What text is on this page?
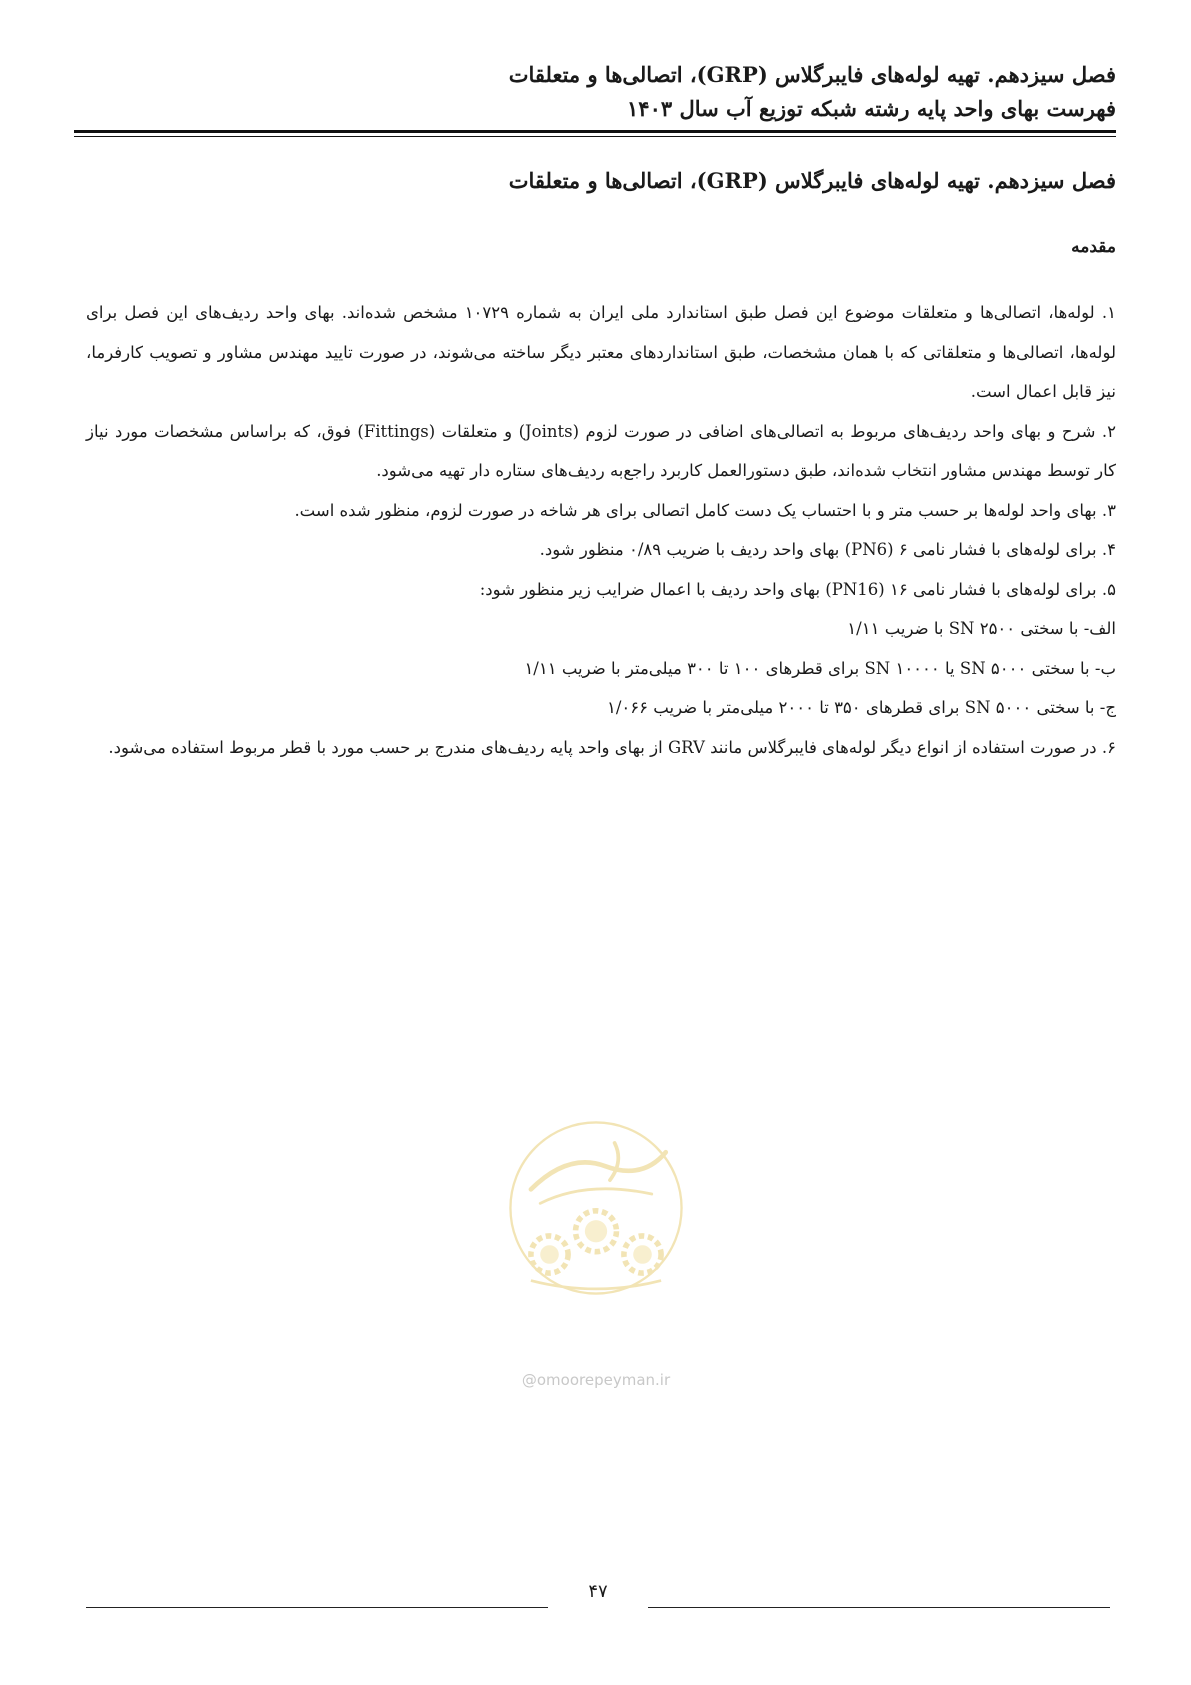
فصل سیزدهم. تهیه لوله‌های فایبرگلاس (GRP)، اتصالی‌ها و متعلقات
فهرست بهای واحد پایه رشته شبکه توزیع آب سال ۱۴۰۳
فصل سیزدهم. تهیه لوله‌های فایبرگلاس (GRP)، اتصالی‌ها و متعلقات
مقدمه

۱. لوله‌ها، اتصالی‌ها و متعلقات موضوع این فصل طبق استاندارد ملی ایران به شماره ۱۰۷۲۹ مشخص شده‌اند. بهای واحد ردیف‌های این فصل برای لوله‌ها، اتصالی‌ها و متعلقاتی که با همان مشخصات، طبق استانداردهای معتبر دیگر ساخته می‌شوند، در صورت تایید مهندس مشاور و تصویب کارفرما، نیز قابل اعمال است.

۲. شرح و بهای واحد ردیف‌های مربوط به اتصالی‌های اضافی در صورت لزوم (Joints) و متعلقات (Fittings) فوق، که براساس مشخصات مورد نیاز کار توسط مهندس مشاور انتخاب شده‌اند، طبق دستورالعمل کاربرد راجع‌به ردیف‌های ستاره دار تهیه می‌شود.

۳. بهای واحد لوله‌ها بر حسب متر و با احتساب یک دست کامل اتصالی برای هر شاخه در صورت لزوم، منظور شده است.

۴. برای لوله‌های با فشار نامی ۶ (PN6) بهای واحد ردیف با ضریب ۰/۸۹ منظور شود.

۵. برای لوله‌های با فشار نامی ۱۶ (PN16) بهای واحد ردیف با اعمال ضرایب زیر منظور شود:

الف- با سختی SN ۲۵۰۰ با ضریب ۱/۱۱

ب- با سختی SN ۵۰۰۰ یا SN ۱۰۰۰۰ برای قطرهای ۱۰۰ تا ۳۰۰ میلی‌متر با ضریب ۱/۱۱

ج- با سختی SN ۵۰۰۰ برای قطرهای ۳۵۰ تا ۲۰۰۰ میلی‌متر با ضریب ۱/۰۶۶

۶. در صورت استفاده از انواع دیگر لوله‌های فایبرگلاس مانند GRV از بهای واحد پایه ردیف‌های مندرج بر حسب مورد با قطر مربوط استفاده می‌شود.

@omoorepeyman.ir
۴۷
